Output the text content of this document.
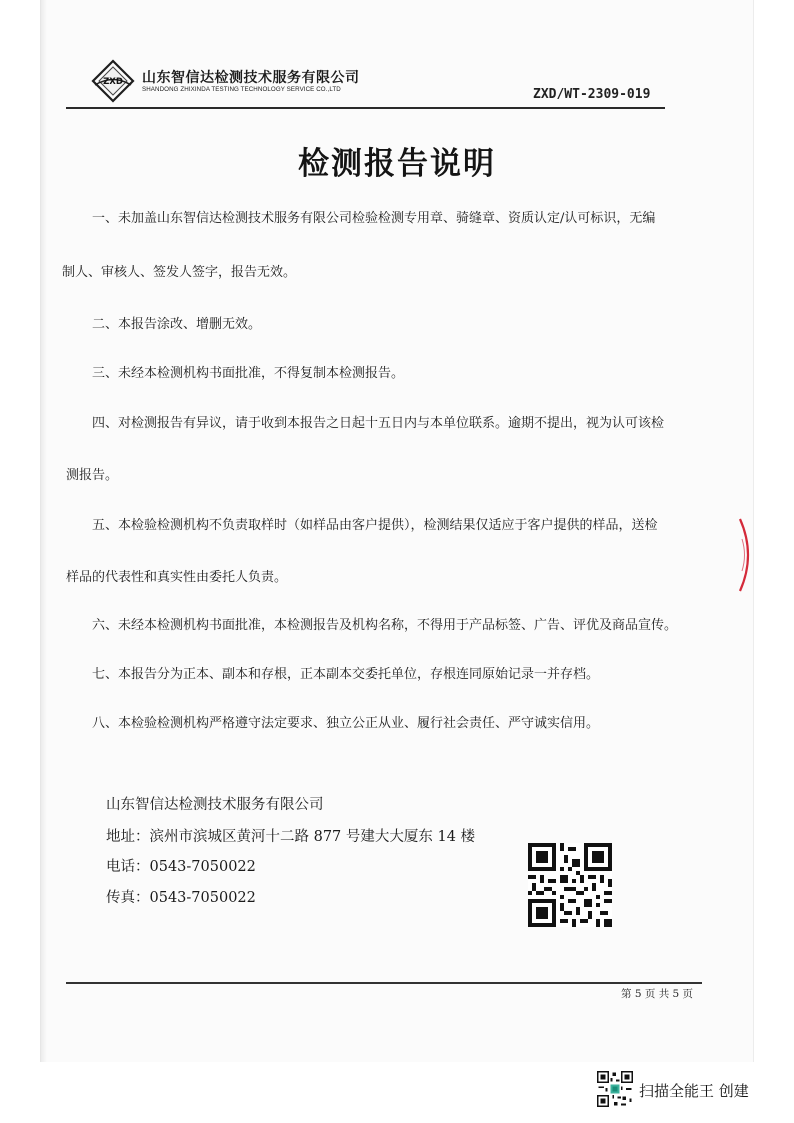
ZXD 山东智信达检测技术服务有限公司
SHANDONG ZHIXINDA TESTING TECHNOLOGY SERVICE CO.,LTD	ZXD/WT-2309-019
检测报告说明
一、未加盖山东智信达检测技术服务有限公司检验检测专用章、骑缝章、资质认定/认可标识，无编
制人、审核人、签发人签字，报告无效。
二、本报告涂改、增删无效。
三、未经本检测机构书面批准，不得复制本检测报告。
四、对检测报告有异议，请于收到本报告之日起十五日内与本单位联系。逾期不提出，视为认可该检
测报告。
五、本检验检测机构不负责取样时（如样品由客户提供），检测结果仅适应于客户提供的样品，送检
样品的代表性和真实性由委托人负责。
六、未经本检测机构书面批准，本检测报告及机构名称，不得用于产品标签、广告、评优及商品宣传。
七、本报告分为正本、副本和存根，正本副本交委托单位，存根连同原始记录一并存档。
八、本检验检测机构严格遵守法定要求、独立公正从业、履行社会责任、严守诚实信用。
山东智信达检测技术服务有限公司
地址：滨州市滨城区黄河十二路 877 号建大大厦东 14 楼
电话：0543-7050022
传真：0543-7050022
第 5 页 共 5 页
扫描全能王 创建
